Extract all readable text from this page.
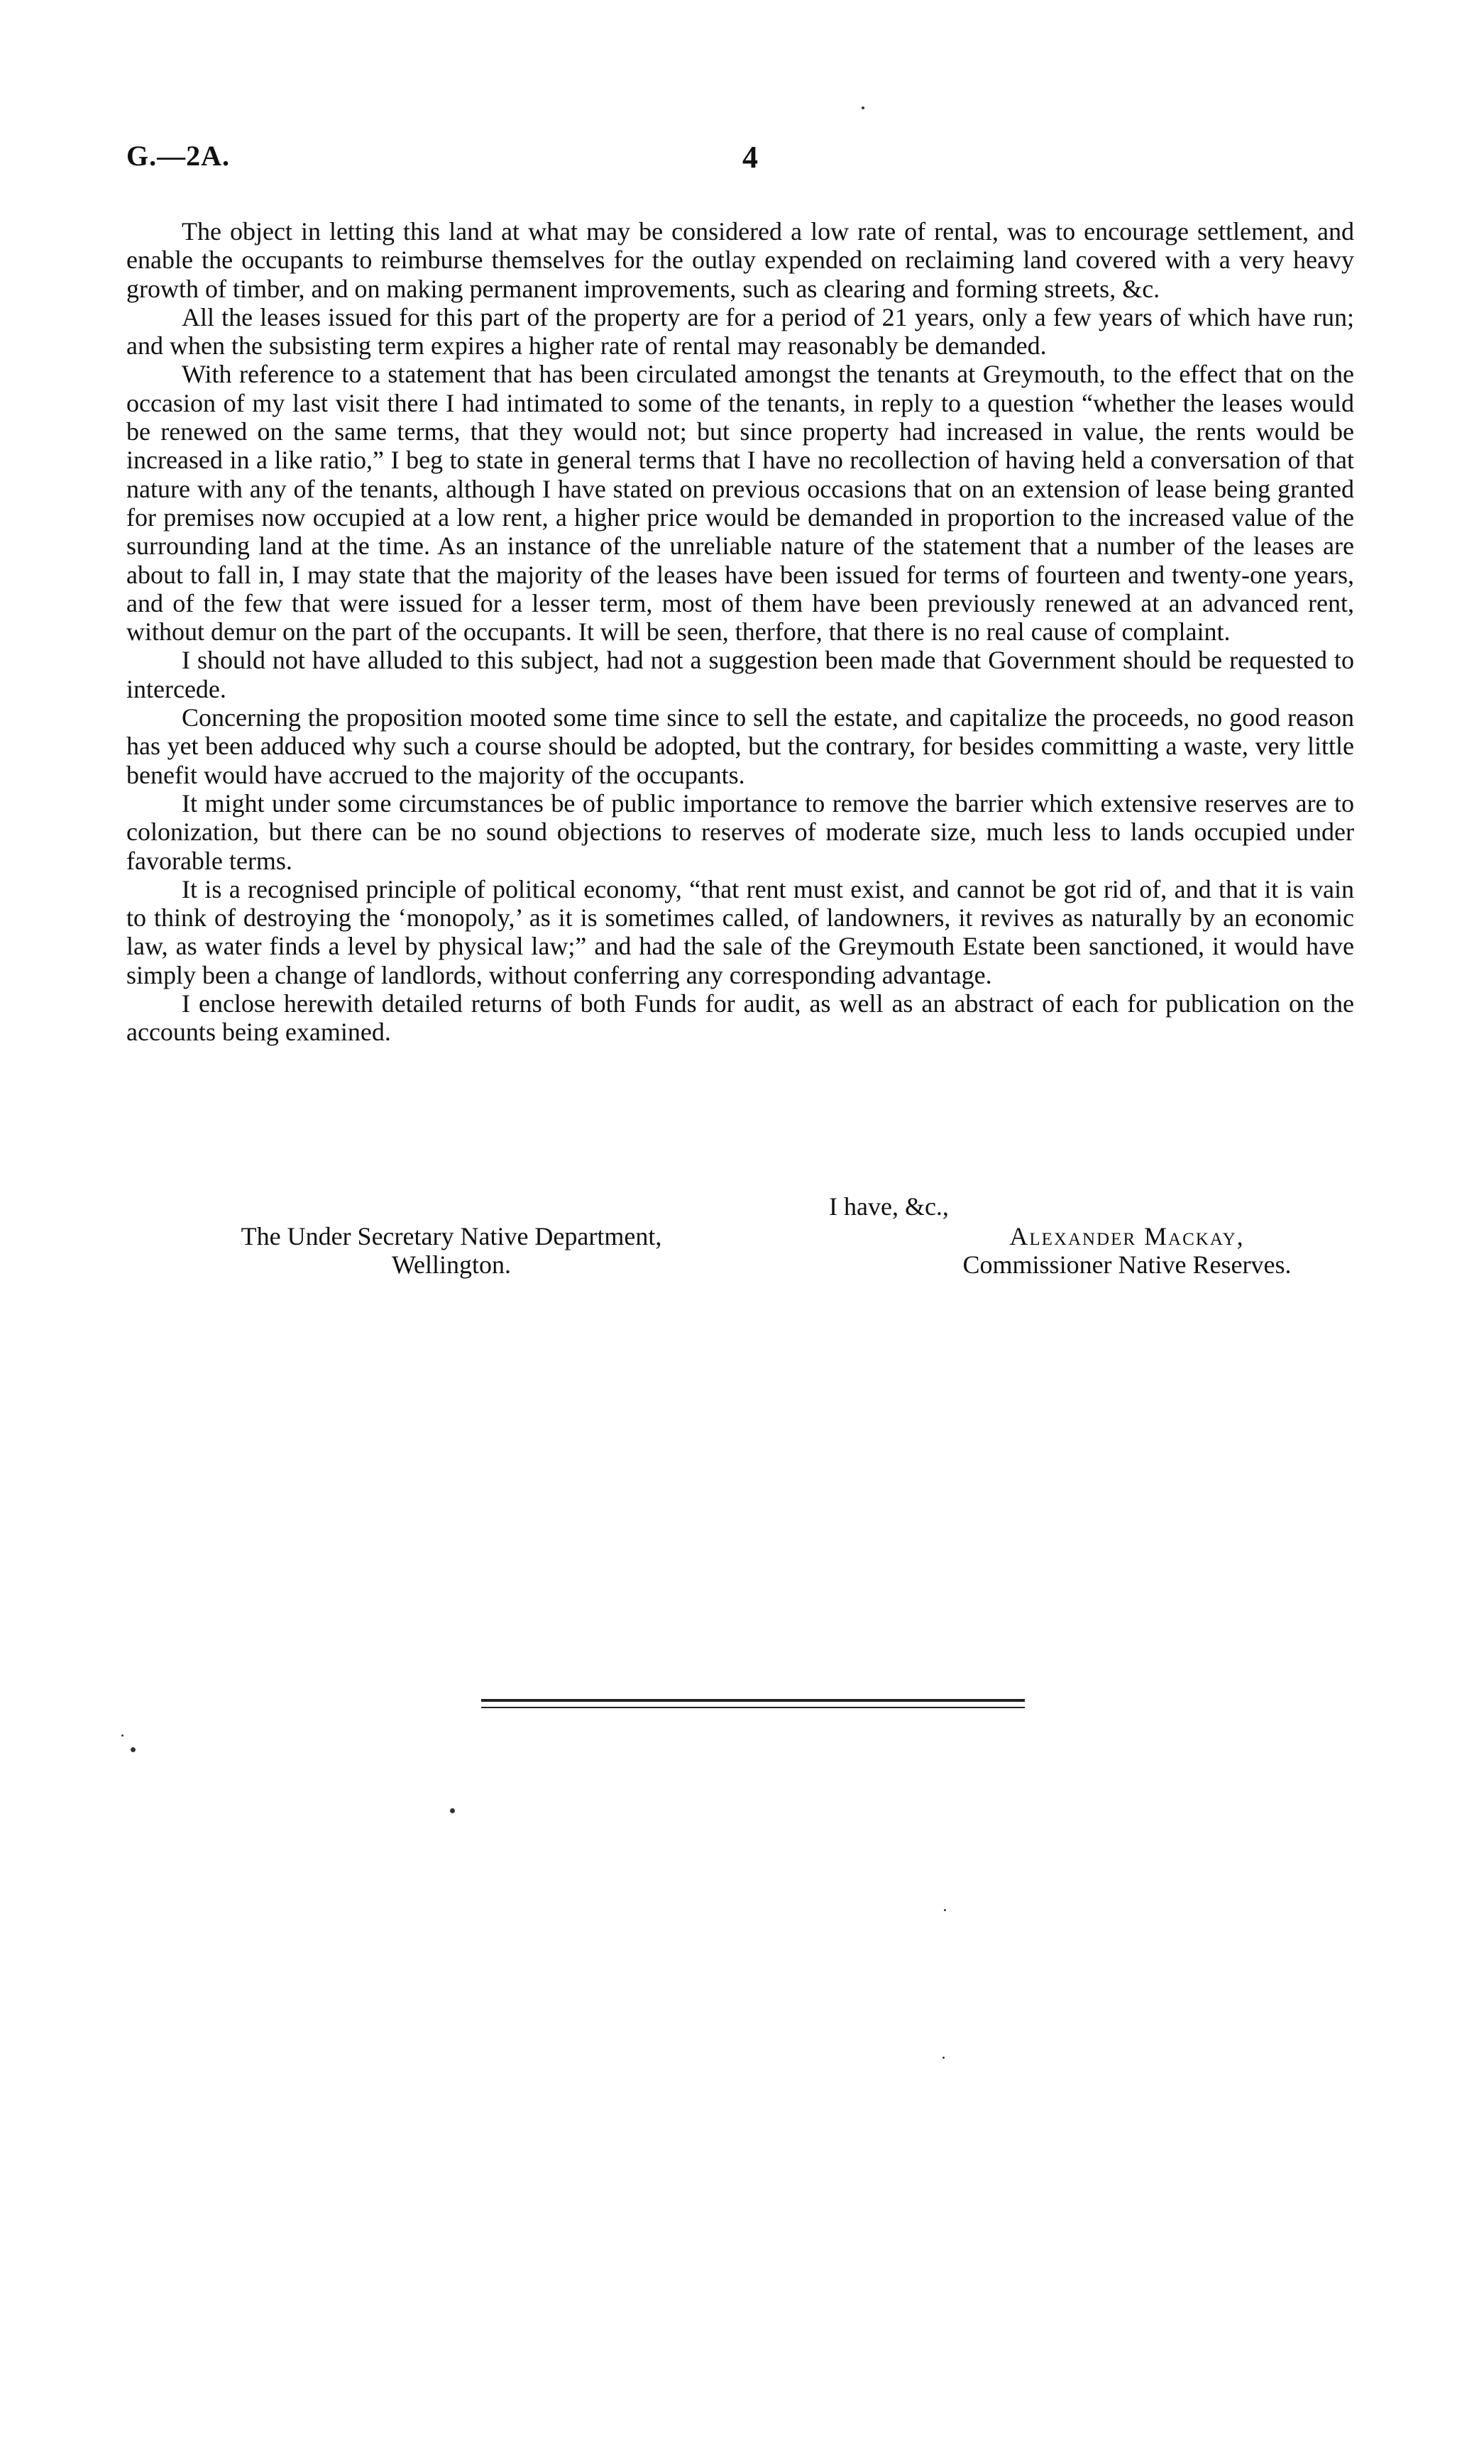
G.—2A.	4

The object in letting this land at what may be considered a low rate of rental, was to encourage settlement, and enable the occupants to reimburse themselves for the outlay expended on reclaiming land covered with a very heavy growth of timber, and on making permanent improvements, such as clearing and forming streets, &c.

All the leases issued for this part of the property are for a period of 21 years, only a few years of which have run; and when the subsisting term expires a higher rate of rental may reasonably be demanded.

With reference to a statement that has been circulated amongst the tenants at Greymouth, to the effect that on the occasion of my last visit there I had intimated to some of the tenants, in reply to a question “whether the leases would be renewed on the same terms, that they would not; but since property had increased in value, the rents would be increased in a like ratio,” I beg to state in general terms that I have no recollection of having held a conversation of that nature with any of the tenants, although I have stated on previous occasions that on an extension of lease being granted for premises now occupied at a low rent, a higher price would be demanded in proportion to the increased value of the surrounding land at the time. As an instance of the unreliable nature of the statement that a number of the leases are about to fall in, I may state that the majority of the leases have been issued for terms of fourteen and twenty-one years, and of the few that were issued for a lesser term, most of them have been previously renewed at an advanced rent, without demur on the part of the occupants. It will be seen, therfore, that there is no real cause of complaint.

I should not have alluded to this subject, had not a suggestion been made that Government should be requested to intercede.

Concerning the proposition mooted some time since to sell the estate, and capitalize the proceeds, no good reason has yet been adduced why such a course should be adopted, but the contrary, for besides committing a waste, very little benefit would have accrued to the majority of the occupants.

It might under some circumstances be of public importance to remove the barrier which extensive reserves are to colonization, but there can be no sound objections to reserves of moderate size, much less to lands occupied under favorable terms.

It is a recognised principle of political economy, “that rent must exist, and cannot be got rid of, and that it is vain to think of destroying the ‘monopoly,’ as it is sometimes called, of landowners, it revives as naturally by an economic law, as water finds a level by physical law;” and had the sale of the Greymouth Estate been sanctioned, it would have simply been a change of landlords, without conferring any corresponding advantage.

I enclose herewith detailed returns of both Funds for audit, as well as an abstract of each for publication on the accounts being examined.

I have, &c.,
The Under Secretary Native Department,
Wellington.
Alexander Mackay,
Commissioner Native Reserves.
